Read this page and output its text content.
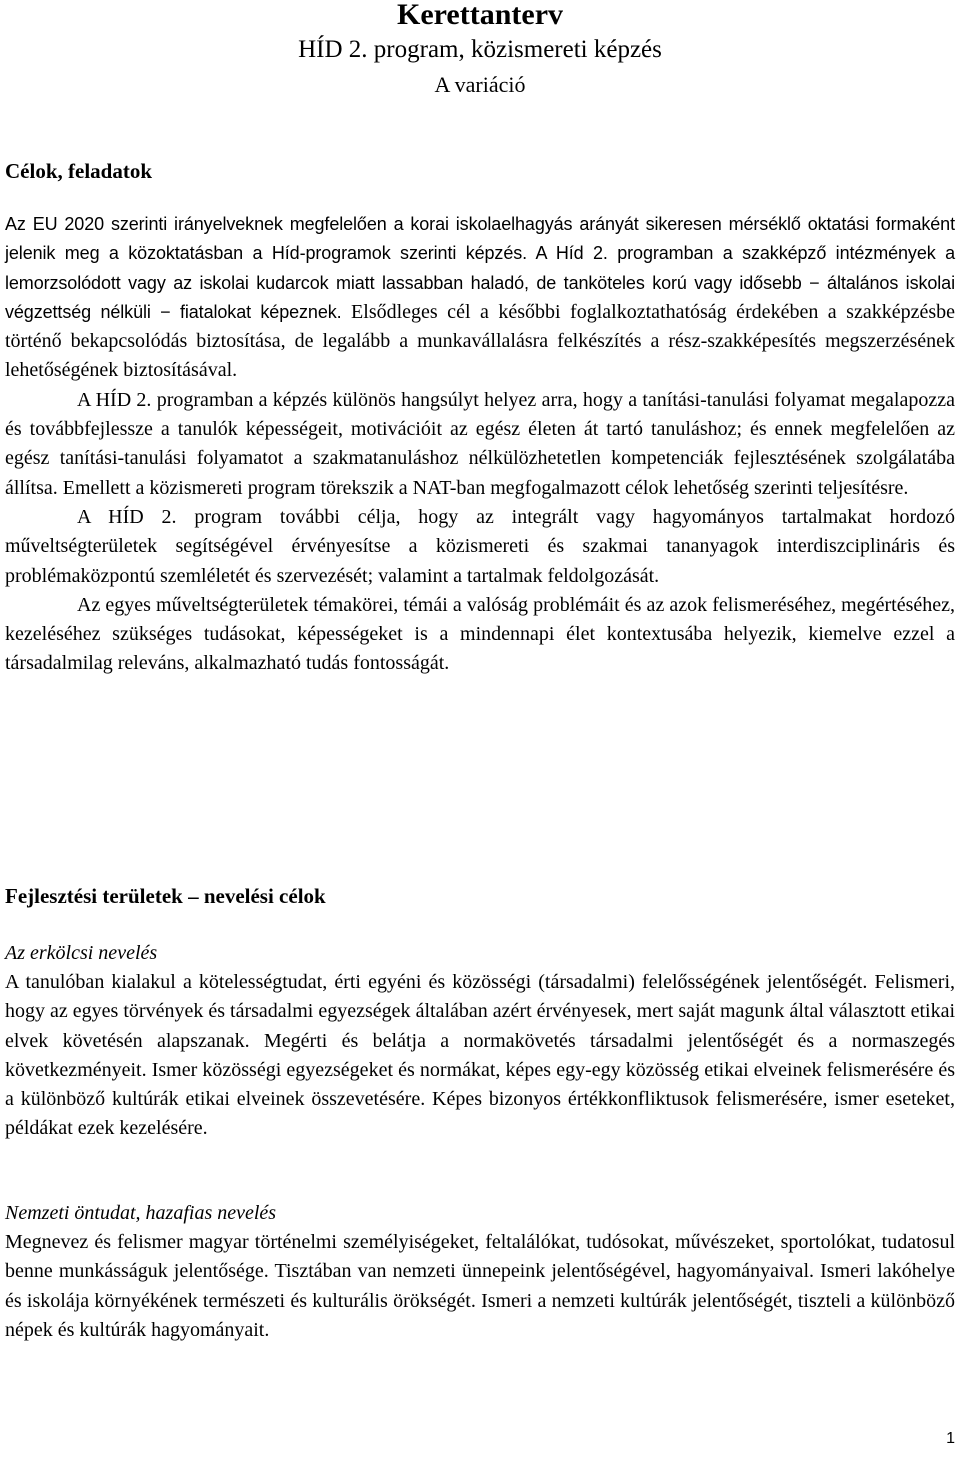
Kerettanterv

HÍD 2. program, közismereti képzés

A variáció

Célok, feladatok

Az EU 2020 szerinti irányelveknek megfelelően a korai iskolaelhagyás arányát sikeresen mérséklő oktatási formaként jelenik meg a közoktatásban a Híd-programok szerinti képzés. A Híd 2. programban a szakképző intézmények a lemorzsolódott vagy az iskolai kudarcok miatt lassabban haladó, de tanköteles korú vagy idősebb − általános iskolai végzettség nélküli − fiatalokat képeznek. Elsődleges cél a későbbi foglalkoztathatóság érdekében a szakképzésbe történő bekapcsolódás biztosítása, de legalább a munkavállalásra felkészítés a rész-szakképesítés megszerzésének lehetőségének biztosításával.

A HÍD 2. programban a képzés különös hangsúlyt helyez arra, hogy a tanítási-tanulási folyamat megalapozza és továbbfejlessze a tanulók képességeit, motivációit az egész életen át tartó tanuláshoz; és ennek megfelelően az egész tanítási-tanulási folyamatot a szakmatanuláshoz nélkülözhetetlen kompetenciák fejlesztésének szolgálatába állítsa. Emellett a közismereti program törekszik a NAT-ban megfogalmazott célok lehetőség szerinti teljesítésre.

A HÍD 2. program további célja, hogy az integrált vagy hagyományos tartalmakat hordozó műveltségterületek segítségével érvényesítse a közismereti és szakmai tananyagok interdiszciplináris és problémaközpontú szemléletét és szervezését; valamint a tartalmak feldolgozását.

Az egyes műveltségterületek témakörei, témái a valóság problémáit és az azok felismeréséhez, megértéséhez, kezeléséhez szükséges tudásokat, képességeket is a mindennapi élet kontextusába helyezik, kiemelve ezzel a társadalmilag releváns, alkalmazható tudás fontosságát.

Fejlesztési területek – nevelési célok

Az erkölcsi nevelés

A tanulóban kialakul a kötelességtudat, érti egyéni és közösségi (társadalmi) felelősségének jelentőségét. Felismeri, hogy az egyes törvények és társadalmi egyezségek általában azért érvényesek, mert saját magunk által választott etikai elvek követésén alapszanak. Megérti és belátja a normakövetés társadalmi jelentőségét és a normaszegés következményeit. Ismer közösségi egyezségeket és normákat, képes egy-egy közösség etikai elveinek felismerésére és a különböző kultúrák etikai elveinek összevetésére. Képes bizonyos értékkonfliktusok felismerésére, ismer eseteket, példákat ezek kezelésére.

Nemzeti öntudat, hazafias nevelés

Megnevez és felismer magyar történelmi személyiségeket, feltalálókat, tudósokat, művészeket, sportolókat, tudatosul benne munkásságuk jelentősége. Tisztában van nemzeti ünnepeink jelentőségével, hagyományaival. Ismeri lakóhelye és iskolája környékének természeti és kulturális örökségét. Ismeri a nemzeti kultúrák jelentőségét, tiszteli a különböző népek és kultúrák hagyományait.

1
